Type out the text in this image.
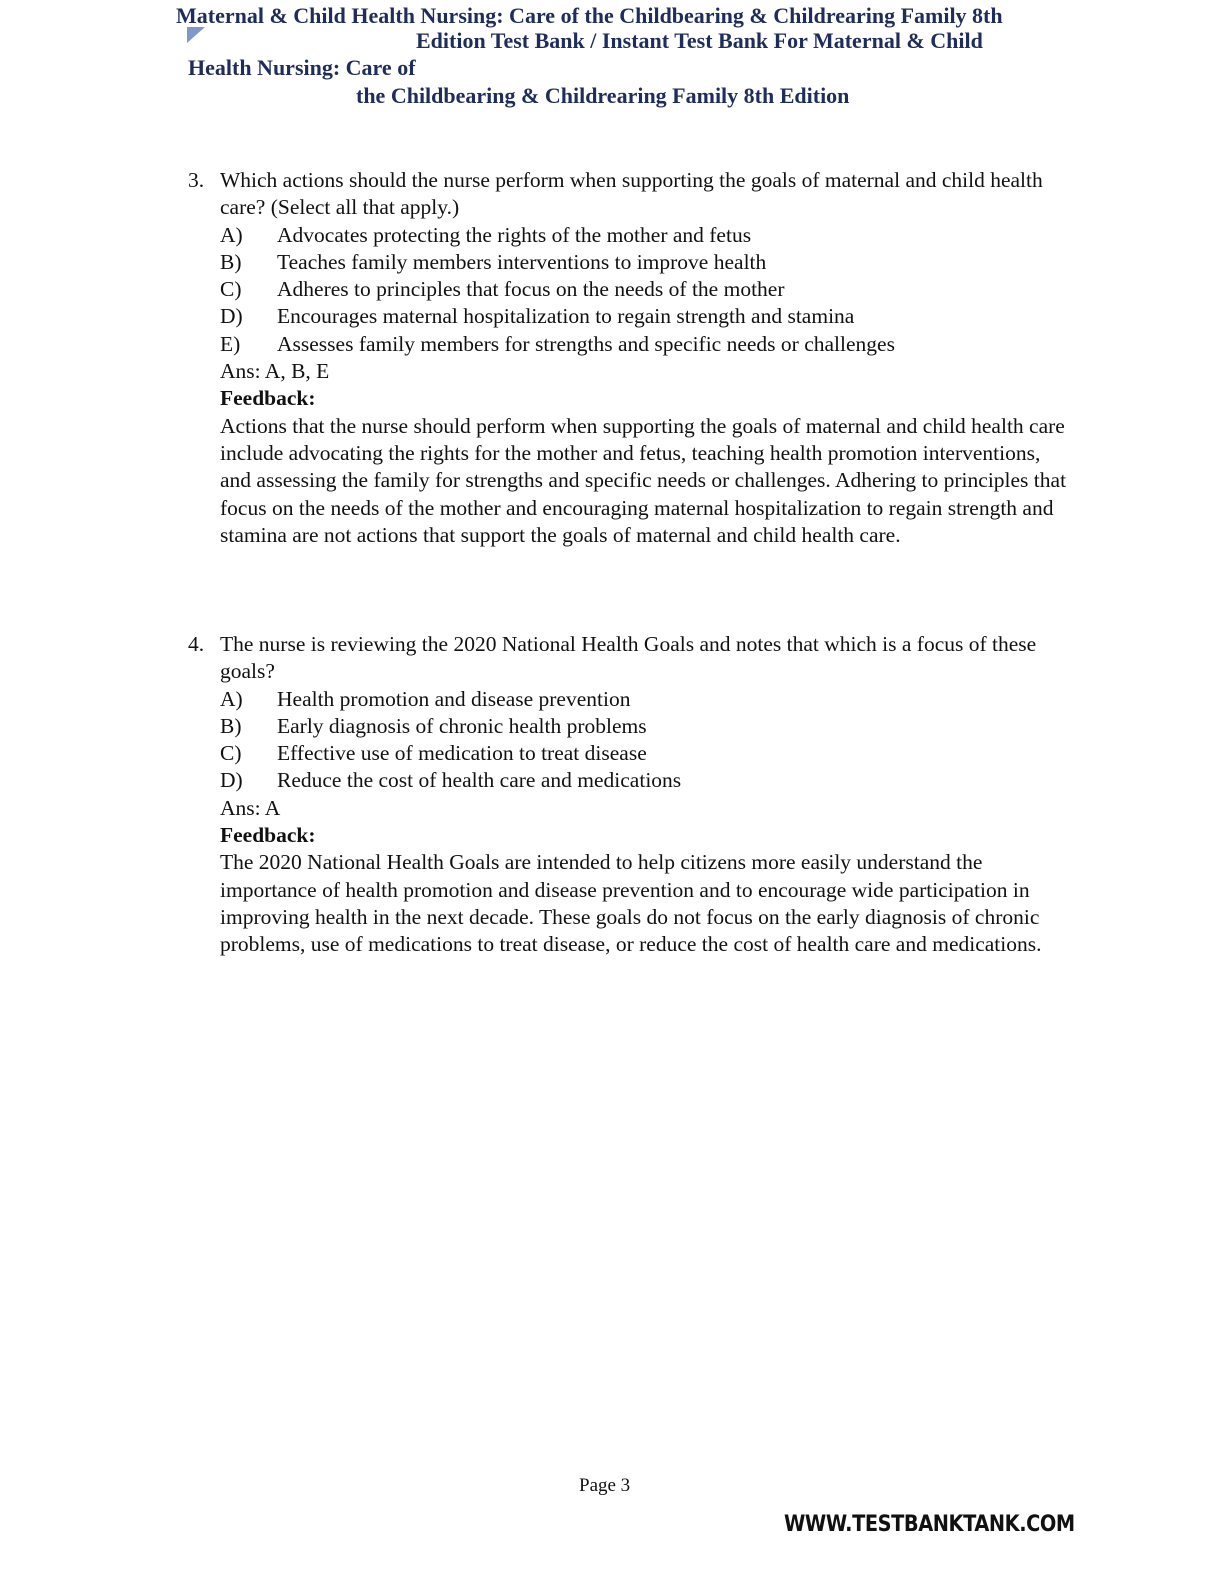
Maternal & Child Health Nursing: Care of the Childbearing & Childrearing Family 8th
Edition Test Bank / Instant Test Bank For Maternal & Child
Health Nursing: Care of
the Childbearing & Childrearing Family 8th Edition
3. Which actions should the nurse perform when supporting the goals of maternal and child health care? (Select all that apply.)
A)	Advocates protecting the rights of the mother and fetus
B)	Teaches family members interventions to improve health
C)	Adheres to principles that focus on the needs of the mother
D)	Encourages maternal hospitalization to regain strength and stamina
E)	Assesses family members for strengths and specific needs or challenges
Ans: A, B, E
Feedback:
Actions that the nurse should perform when supporting the goals of maternal and child health care include advocating the rights for the mother and fetus, teaching health promotion interventions, and assessing the family for strengths and specific needs or challenges. Adhering to principles that focus on the needs of the mother and encouraging maternal hospitalization to regain strength and stamina are not actions that support the goals of maternal and child health care.
4. The nurse is reviewing the 2020 National Health Goals and notes that which is a focus of these goals?
A)	Health promotion and disease prevention
B)	Early diagnosis of chronic health problems
C)	Effective use of medication to treat disease
D)	Reduce the cost of health care and medications
Ans: A
Feedback:
The 2020 National Health Goals are intended to help citizens more easily understand the importance of health promotion and disease prevention and to encourage wide participation in improving health in the next decade. These goals do not focus on the early diagnosis of chronic problems, use of medications to treat disease, or reduce the cost of health care and medications.
Page 3
WWW.TESTBANKTANK.COM
